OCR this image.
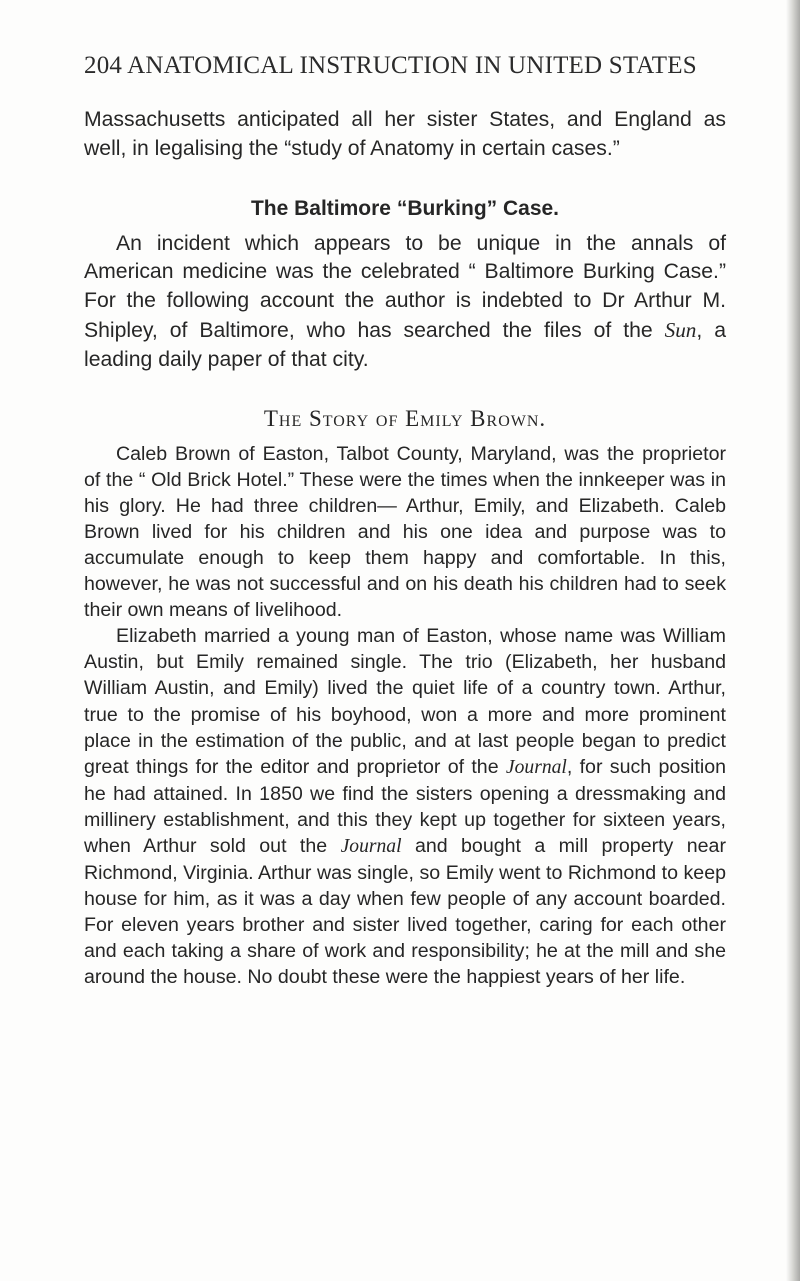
204 ANATOMICAL INSTRUCTION IN UNITED STATES

Massachusetts anticipated all her sister States, and England as well, in legalising the “study of Anatomy in certain cases.”

The Baltimore “Burking” Case.

An incident which appears to be unique in the annals of American medicine was the celebrated “ Baltimore Burking Case.” For the following account the author is indebted to Dr Arthur M. Shipley, of Baltimore, who has searched the files of the Sun, a leading daily paper of that city.

The Story of Emily Brown.

Caleb Brown of Easton, Talbot County, Maryland, was the proprietor of the “ Old Brick Hotel.” These were the times when the innkeeper was in his glory. He had three children— Arthur, Emily, and Elizabeth. Caleb Brown lived for his children and his one idea and purpose was to accumulate enough to keep them happy and comfortable. In this, however, he was not successful and on his death his children had to seek their own means of livelihood.

Elizabeth married a young man of Easton, whose name was William Austin, but Emily remained single. The trio (Elizabeth, her husband William Austin, and Emily) lived the quiet life of a country town. Arthur, true to the promise of his boyhood, won a more and more prominent place in the estimation of the public, and at last people began to predict great things for the editor and proprietor of the Journal, for such position he had attained. In 1850 we find the sisters opening a dressmaking and millinery establishment, and this they kept up together for sixteen years, when Arthur sold out the Journal and bought a mill property near Richmond, Virginia. Arthur was single, so Emily went to Richmond to keep house for him, as it was a day when few people of any account boarded. For eleven years brother and sister lived together, caring for each other and each taking a share of work and responsibility; he at the mill and she around the house. No doubt these were the happiest years of her life.
